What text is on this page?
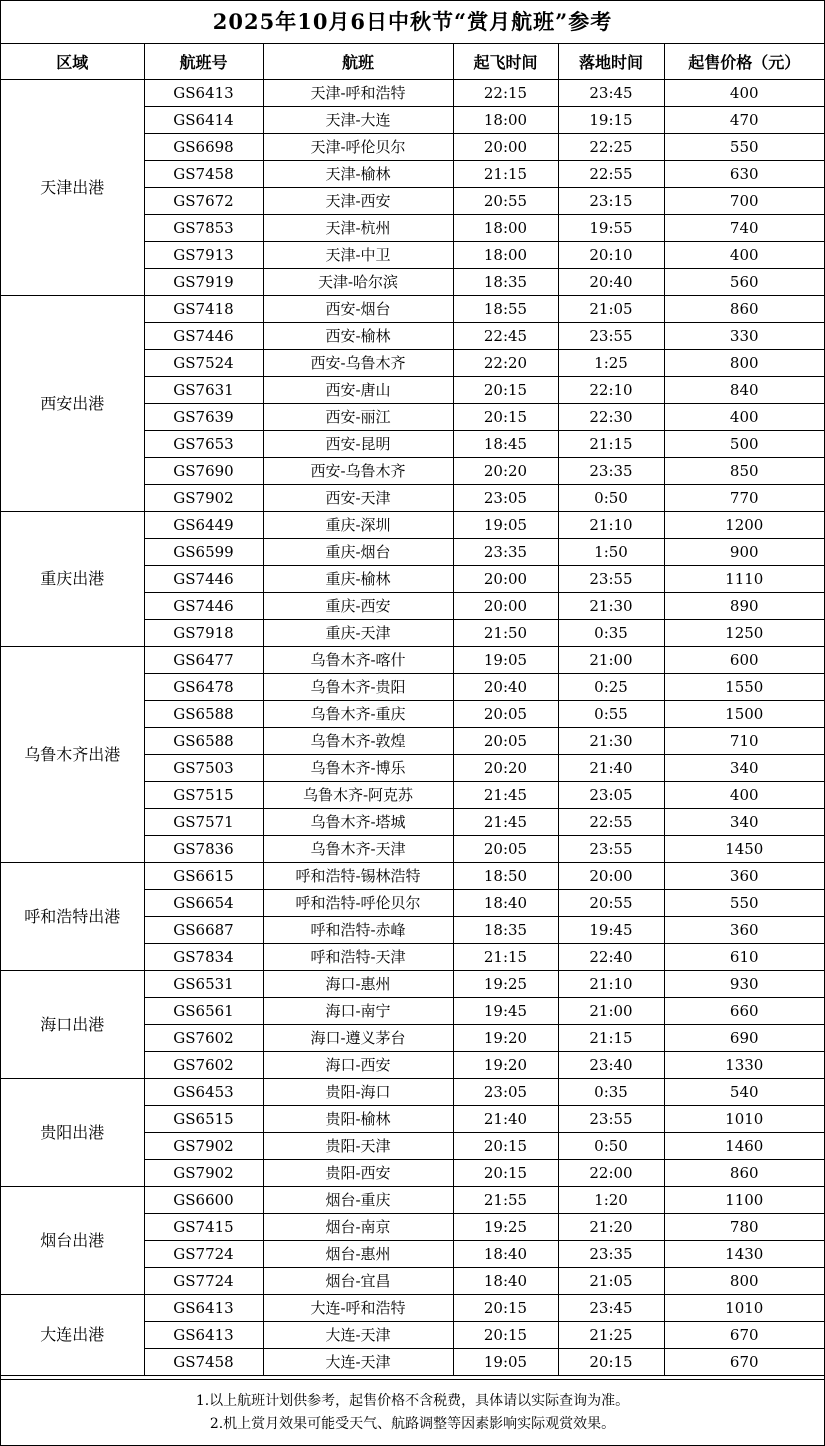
2025年10月6日中秋节“赏月航班”参考
区域	航班号	航班	起飞时间	落地时间	起售价格（元）
天津出港	GS6413	天津-呼和浩特	22:15	23:45	400
	GS6414	天津-大连	18:00	19:15	470
	GS6698	天津-呼伦贝尔	20:00	22:25	550
	GS7458	天津-榆林	21:15	22:55	630
	GS7672	天津-西安	20:55	23:15	700
	GS7853	天津-杭州	18:00	19:55	740
	GS7913	天津-中卫	18:00	20:10	400
	GS7919	天津-哈尔滨	18:35	20:40	560
西安出港	GS7418	西安-烟台	18:55	21:05	860
	GS7446	西安-榆林	22:45	23:55	330
	GS7524	西安-乌鲁木齐	22:20	1:25	800
	GS7631	西安-唐山	20:15	22:10	840
	GS7639	西安-丽江	20:15	22:30	400
	GS7653	西安-昆明	18:45	21:15	500
	GS7690	西安-乌鲁木齐	20:20	23:35	850
	GS7902	西安-天津	23:05	0:50	770
重庆出港	GS6449	重庆-深圳	19:05	21:10	1200
	GS6599	重庆-烟台	23:35	1:50	900
	GS7446	重庆-榆林	20:00	23:55	1110
	GS7446	重庆-西安	20:00	21:30	890
	GS7918	重庆-天津	21:50	0:35	1250
乌鲁木齐出港	GS6477	乌鲁木齐-喀什	19:05	21:00	600
	GS6478	乌鲁木齐-贵阳	20:40	0:25	1550
	GS6588	乌鲁木齐-重庆	20:05	0:55	1500
	GS6588	乌鲁木齐-敦煌	20:05	21:30	710
	GS7503	乌鲁木齐-博乐	20:20	21:40	340
	GS7515	乌鲁木齐-阿克苏	21:45	23:05	400
	GS7571	乌鲁木齐-塔城	21:45	22:55	340
	GS7836	乌鲁木齐-天津	20:05	23:55	1450
呼和浩特出港	GS6615	呼和浩特-锡林浩特	18:50	20:00	360
	GS6654	呼和浩特-呼伦贝尔	18:40	20:55	550
	GS6687	呼和浩特-赤峰	18:35	19:45	360
	GS7834	呼和浩特-天津	21:15	22:40	610
海口出港	GS6531	海口-惠州	19:25	21:10	930
	GS6561	海口-南宁	19:45	21:00	660
	GS7602	海口-遵义茅台	19:20	21:15	690
	GS7602	海口-西安	19:20	23:40	1330
贵阳出港	GS6453	贵阳-海口	23:05	0:35	540
	GS6515	贵阳-榆林	21:40	23:55	1010
	GS7902	贵阳-天津	20:15	0:50	1460
	GS7902	贵阳-西安	20:15	22:00	860
烟台出港	GS6600	烟台-重庆	21:55	1:20	1100
	GS7415	烟台-南京	19:25	21:20	780
	GS7724	烟台-惠州	18:40	23:35	1430
	GS7724	烟台-宜昌	18:40	21:05	800
大连出港	GS6413	大连-呼和浩特	20:15	23:45	1010
	GS6413	大连-天津	20:15	21:25	670
	GS7458	大连-天津	19:05	20:15	670
1.以上航班计划供参考，起售价格不含税费，具体请以实际查询为准。
2.机上赏月效果可能受天气、航路调整等因素影响实际观赏效果。
